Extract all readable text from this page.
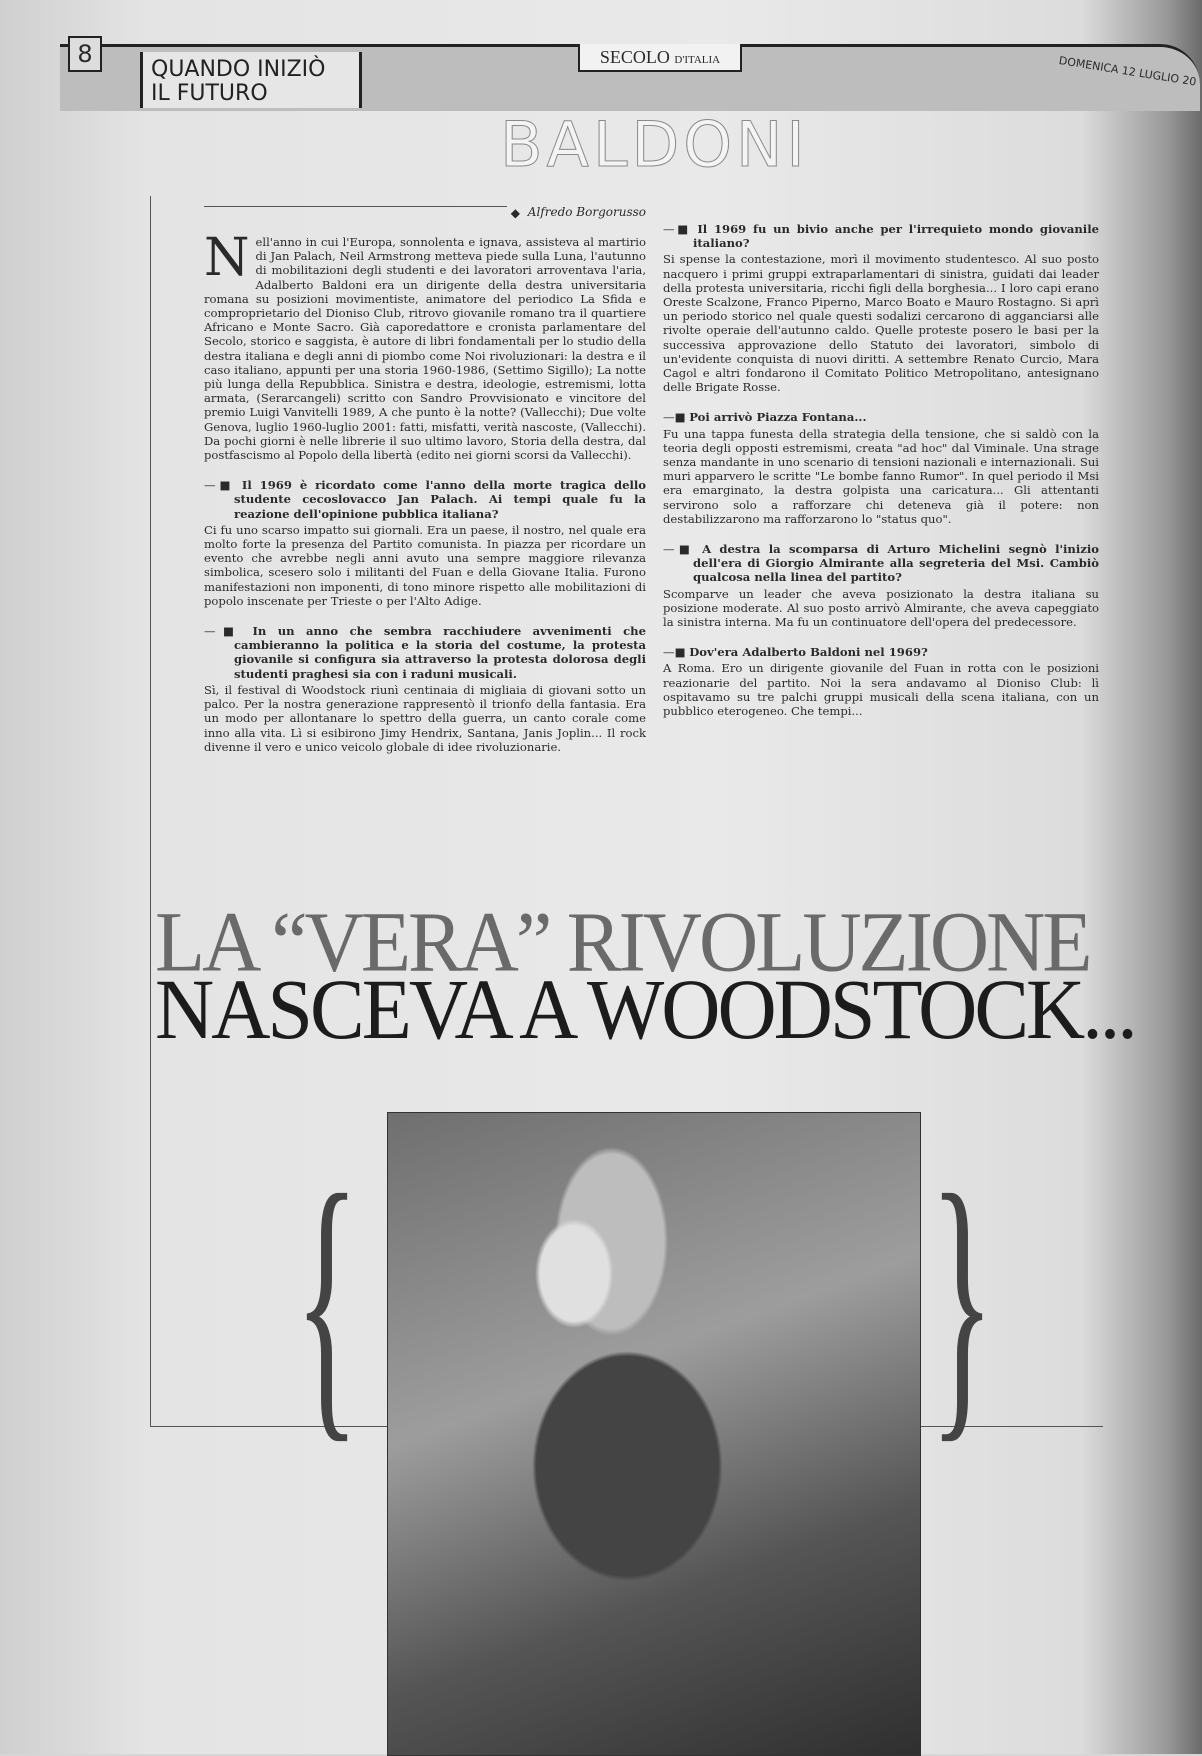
8
QUANDO INIZIÒ
IL FUTURO
SECOLO D'ITALIA	DOMENICA 12 LUGLIO 20
BALDONI

◆ Alfredo Borgorusso

Nell'anno in cui l'Europa, sonnolenta e ignava, assisteva al martirio di Jan Palach, Neil Armstrong metteva piede sulla Luna, l'autunno di mobilitazioni degli studenti e dei lavoratori arroventava l'aria, Adalberto Baldoni era un dirigente della destra universitaria romana su posizioni movimentiste, animatore del periodico La Sfida e comproprietario del Dioniso Club, ritrovo giovanile romano tra il quartiere Africano e Monte Sacro. Già caporedattore e cronista parlamentare del Secolo, storico e saggista, è autore di libri fondamentali per lo studio della destra italiana e degli anni di piombo come Noi rivoluzionari: la destra e il caso italiano, appunti per una storia 1960-1986, (Settimo Sigillo); La notte più lunga della Repubblica. Sinistra e destra, ideologie, estremismi, lotta armata, (Serarcangeli) scritto con Sandro Provvisionato e vincitore del premio Luigi Vanvitelli 1989, A che punto è la notte? (Vallecchi); Due volte Genova, luglio 1960-luglio 2001: fatti, misfatti, verità nascoste, (Vallecchi). Da pochi giorni è nelle librerie il suo ultimo lavoro, Storia della destra, dal postfascismo al Popolo della libertà (edito nei giorni scorsi da Vallecchi).

—■ Il 1969 è ricordato come l'anno della morte tragica dello studente cecoslovacco Jan Palach. Ai tempi quale fu la reazione dell'opinione pubblica italiana?

Ci fu uno scarso impatto sui giornali. Era un paese, il nostro, nel quale era molto forte la presenza del Partito comunista. In piazza per ricordare un evento che avrebbe negli anni avuto una sempre maggiore rilevanza simbolica, scesero solo i militanti del Fuan e della Giovane Italia. Furono manifestazioni non imponenti, di tono minore rispetto alle mobilitazioni di popolo inscenate per Trieste o per l'Alto Adige.

—■ In un anno che sembra racchiudere avvenimenti che cambieranno la politica e la storia del costume, la protesta giovanile si configura sia attraverso la protesta dolorosa degli studenti praghesi sia con i raduni musicali.

Sì, il festival di Woodstock riunì centinaia di migliaia di giovani sotto un palco. Per la nostra generazione rappresentò il trionfo della fantasia. Era un modo per allontanare lo spettro della guerra, un canto corale come inno alla vita. Lì si esibirono Jimy Hendrix, Santana, Janis Joplin... Il rock divenne il vero e unico veicolo globale di idee rivoluzionarie.

—■ Il 1969 fu un bivio anche per l'irrequieto mondo giovanile italiano?

Si spense la contestazione, morì il movimento studentesco. Al suo posto nacquero i primi gruppi extraparlamentari di sinistra, guidati dai leader della protesta universitaria, ricchi figli della borghesia... I loro capi erano Oreste Scalzone, Franco Piperno, Marco Boato e Mauro Rostagno. Si aprì un periodo storico nel quale questi sodalizi cercarono di agganciarsi alle rivolte operaie dell'autunno caldo. Quelle proteste posero le basi per la successiva approvazione dello Statuto dei lavoratori, simbolo di un'evidente conquista di nuovi diritti. A settembre Renato Curcio, Mara Cagol e altri fondarono il Comitato Politico Metropolitano, antesignano delle Brigate Rosse.

—■ Poi arrivò Piazza Fontana...

Fu una tappa funesta della strategia della tensione, che si saldò con la teoria degli opposti estremismi, creata "ad hoc" dal Viminale. Una strage senza mandante in uno scenario di tensioni nazionali e internazionali. Sui muri apparvero le scritte "Le bombe fanno Rumor". In quel periodo il Msi era emarginato, la destra golpista una caricatura... Gli attentanti servirono solo a rafforzare chi deteneva già il potere: non destabilizzarono ma rafforzarono lo "status quo".

—■ A destra la scomparsa di Arturo Michelini segnò l'inizio dell'era di Giorgio Almirante alla segreteria del Msi. Cambiò qualcosa nella linea del partito?

Scomparve un leader che aveva posizionato la destra italiana su posizione moderate. Al suo posto arrivò Almirante, che aveva capeggiato la sinistra interna. Ma fu un continuatore dell'opera del predecessore.

—■ Dov'era Adalberto Baldoni nel 1969?

A Roma. Ero un dirigente giovanile del Fuan in rotta con le posizioni reazionarie del partito. Noi la sera andavamo al Dioniso Club: lì ospitavamo su tre palchi gruppi musicali della scena italiana, con un pubblico eterogeneo. Che tempi...

LA “VERA” RIVOLUZIONE
NASCEVA A WOODSTOCK...
{ }
